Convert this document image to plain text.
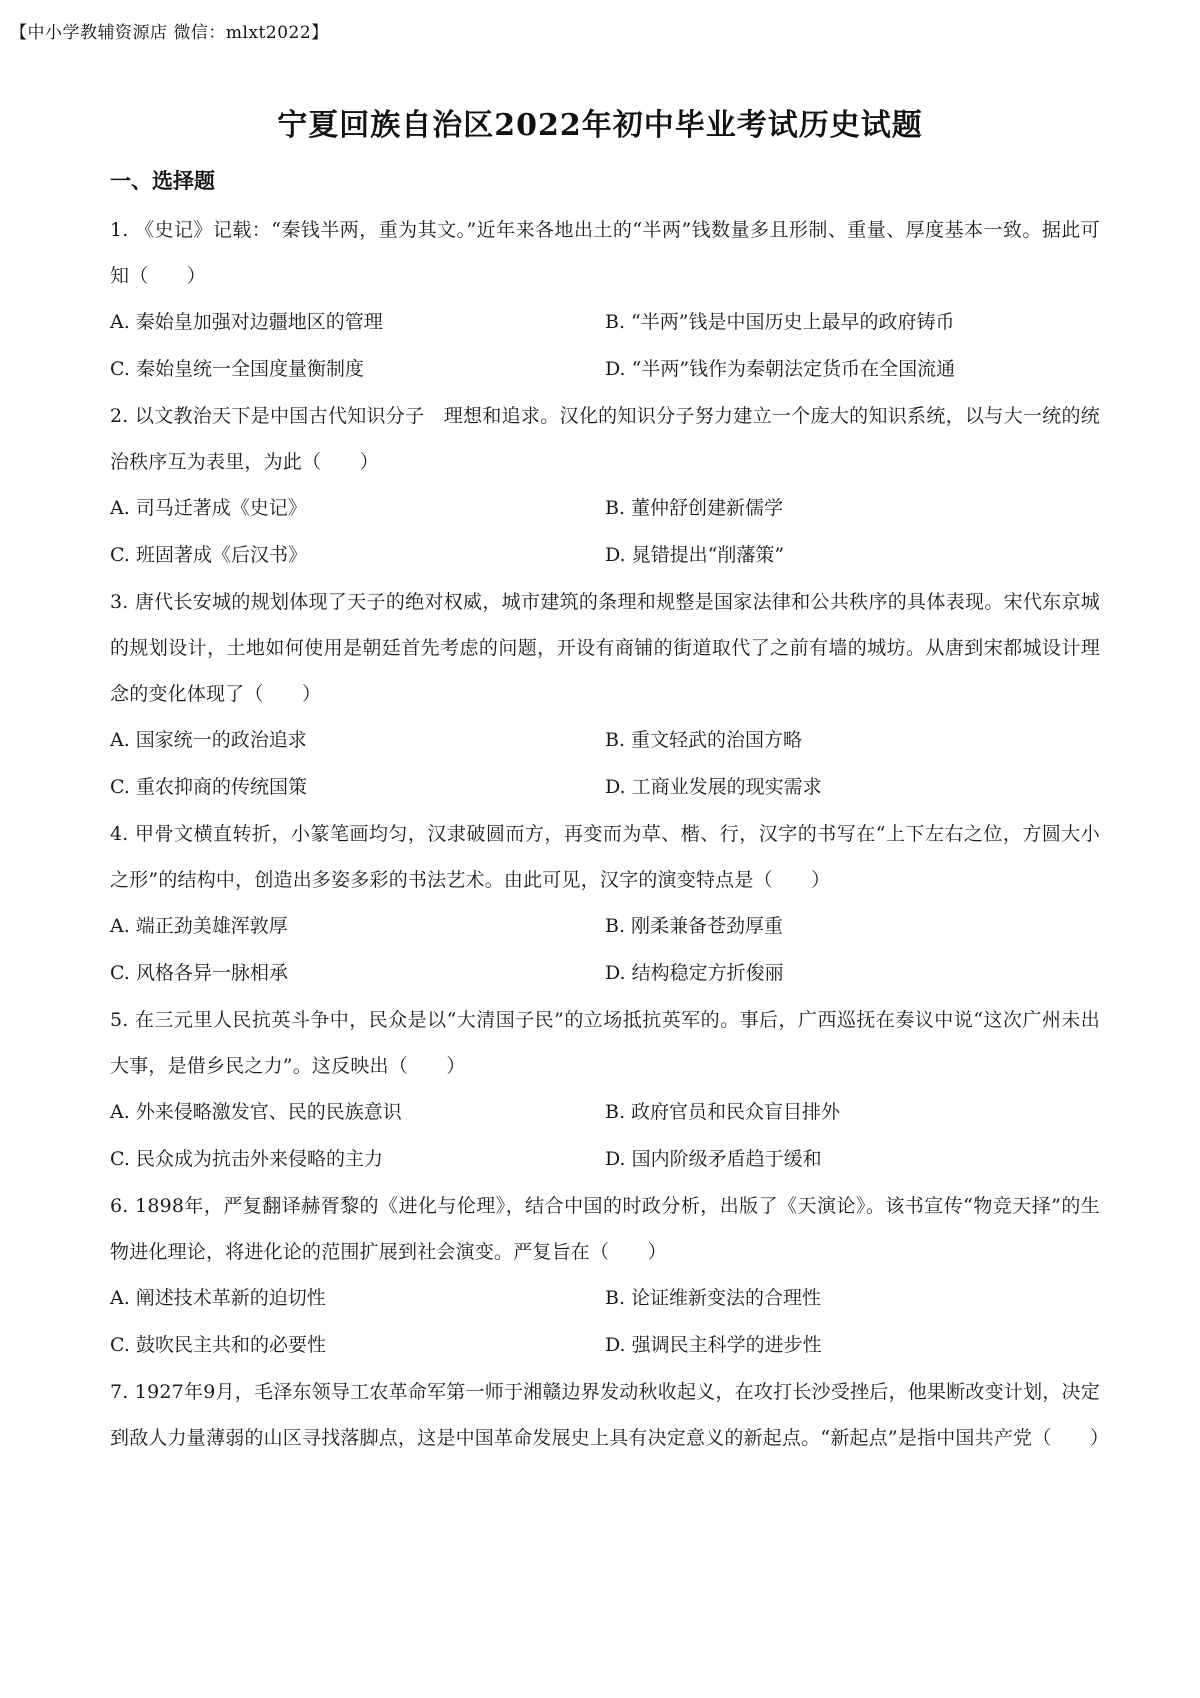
【中小学教辅资源店 微信：mlxt2022】
宁夏回族自治区2022年初中毕业考试历史试题
一、选择题

1. 《史记》记载：“秦钱半两，重为其文。”近年来各地出土的“半两”钱数量多且形制、重量、厚度基本一致。据此可知（　　）

A. 秦始皇加强对边疆地区的管理	B. “半两”钱是中国历史上最早的政府铸币
C. 秦始皇统一全国度量衡制度	D. “半两”钱作为秦朝法定货币在全国流通

2. 以文教治天下是中国古代知识分子　理想和追求。汉化的知识分子努力建立一个庞大的知识系统，以与大一统的统治秩序互为表里，为此（　　）

A. 司马迁著成《史记》	B. 董仲舒创建新儒学
C. 班固著成《后汉书》	D. 晁错提出“削藩策”

3. 唐代长安城的规划体现了天子的绝对权威，城市建筑的条理和规整是国家法律和公共秩序的具体表现。宋代东京城的规划设计，土地如何使用是朝廷首先考虑的问题，开设有商铺的街道取代了之前有墙的城坊。从唐到宋都城设计理念的变化体现了（　　）

A. 国家统一的政治追求	B. 重文轻武的治国方略
C. 重农抑商的传统国策	D. 工商业发展的现实需求

4. 甲骨文横直转折，小篆笔画均匀，汉隶破圆而方，再变而为草、楷、行，汉字的书写在“上下左右之位，方圆大小之形”的结构中，创造出多姿多彩的书法艺术。由此可见，汉字的演变特点是（　　）

A. 端正劲美雄浑敦厚	B. 刚柔兼备苍劲厚重
C. 风格各异一脉相承	D. 结构稳定方折俊丽

5. 在三元里人民抗英斗争中，民众是以“大清国子民”的立场抵抗英军的。事后，广西巡抚在奏议中说“这次广州未出大事，是借乡民之力”。这反映出（　　）

A. 外来侵略激发官、民的民族意识	B. 政府官员和民众盲目排外
C. 民众成为抗击外来侵略的主力	D. 国内阶级矛盾趋于缓和

6. 1898年，严复翻译赫胥黎的《进化与伦理》，结合中国的时政分析，出版了《天演论》。该书宣传“物竞天择”的生物进化理论，将进化论的范围扩展到社会演变。严复旨在（　　）

A. 阐述技术革新的迫切性	B. 论证维新变法的合理性
C. 鼓吹民主共和的必要性	D. 强调民主科学的进步性

7. 1927年9月，毛泽东领导工农革命军第一师于湘赣边界发动秋收起义，在攻打长沙受挫后，他果断改变计划，决定到敌人力量薄弱的山区寻找落脚点，这是中国革命发展史上具有决定意义的新起点。“新起点”是指中国共产党（　　）
